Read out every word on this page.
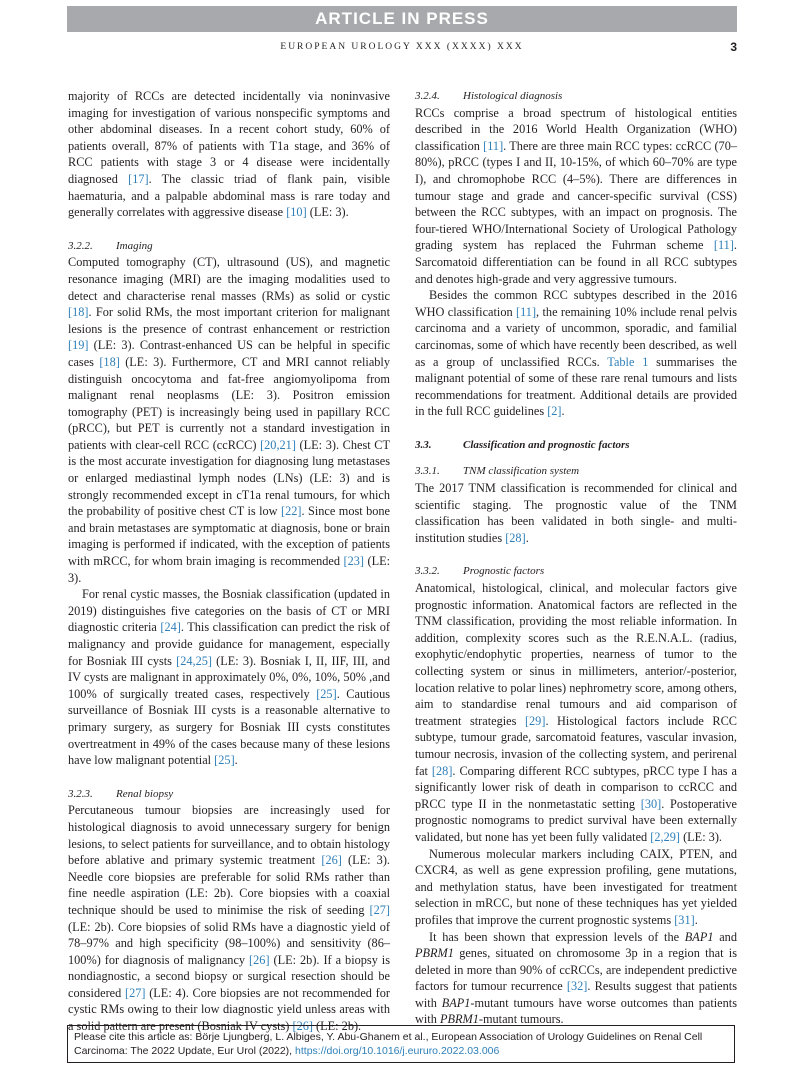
ARTICLE IN PRESS
EUROPEAN UROLOGY XXX (XXXX) XXX	3

majority of RCCs are detected incidentally via noninvasive imaging for investigation of various nonspecific symptoms and other abdominal diseases. In a recent cohort study, 60% of patients overall, 87% of patients with T1a stage, and 36% of RCC patients with stage 3 or 4 disease were incidentally diagnosed [17]. The classic triad of flank pain, visible haematuria, and a palpable abdominal mass is rare today and generally correlates with aggressive disease [10] (LE: 3).

3.2.2. Imaging

Computed tomography (CT), ultrasound (US), and magnetic resonance imaging (MRI) are the imaging modalities used to detect and characterise renal masses (RMs) as solid or cystic [18]. For solid RMs, the most important criterion for malignant lesions is the presence of contrast enhancement or restriction [19] (LE: 3). Contrast-enhanced US can be helpful in specific cases [18] (LE: 3). Furthermore, CT and MRI cannot reliably distinguish oncocytoma and fat-free angiomyolipoma from malignant renal neoplasms (LE: 3). Positron emission tomography (PET) is increasingly being used in papillary RCC (pRCC), but PET is currently not a standard investigation in patients with clear-cell RCC (ccRCC) [20,21] (LE: 3). Chest CT is the most accurate investigation for diagnosing lung metastases or enlarged mediastinal lymph nodes (LNs) (LE: 3) and is strongly recommended except in cT1a renal tumours, for which the probability of positive chest CT is low [22]. Since most bone and brain metastases are symptomatic at diagnosis, bone or brain imaging is performed if indicated, with the exception of patients with mRCC, for whom brain imaging is recommended [23] (LE: 3).

For renal cystic masses, the Bosniak classification (updated in 2019) distinguishes five categories on the basis of CT or MRI diagnostic criteria [24]. This classification can predict the risk of malignancy and provide guidance for management, especially for Bosniak III cysts [24,25] (LE: 3). Bosniak I, II, IIF, III, and IV cysts are malignant in approximately 0%, 0%, 10%, 50% ,and 100% of surgically treated cases, respectively [25]. Cautious surveillance of Bosniak III cysts is a reasonable alternative to primary surgery, as surgery for Bosniak III cysts constitutes overtreatment in 49% of the cases because many of these lesions have low malignant potential [25].

3.2.3. Renal biopsy

Percutaneous tumour biopsies are increasingly used for histological diagnosis to avoid unnecessary surgery for benign lesions, to select patients for surveillance, and to obtain histology before ablative and primary systemic treatment [26] (LE: 3). Needle core biopsies are preferable for solid RMs rather than fine needle aspiration (LE: 2b). Core biopsies with a coaxial technique should be used to minimise the risk of seeding [27] (LE: 2b). Core biopsies of solid RMs have a diagnostic yield of 78–97% and high specificity (98–100%) and sensitivity (86–100%) for diagnosis of malignancy [26] (LE: 2b). If a biopsy is nondiagnostic, a second biopsy or surgical resection should be considered [27] (LE: 4). Core biopsies are not recommended for cystic RMs owing to their low diagnostic yield unless areas with a solid pattern are present (Bosniak IV cysts) [26] (LE: 2b).

3.2.4. Histological diagnosis

RCCs comprise a broad spectrum of histological entities described in the 2016 World Health Organization (WHO) classification [11]. There are three main RCC types: ccRCC (70–80%), pRCC (types I and II, 10-15%, of which 60–70% are type I), and chromophobe RCC (4–5%). There are differences in tumour stage and grade and cancer-specific survival (CSS) between the RCC subtypes, with an impact on prognosis. The four-tiered WHO/International Society of Urological Pathology grading system has replaced the Fuhrman scheme [11]. Sarcomatoid differentiation can be found in all RCC subtypes and denotes high-grade and very aggressive tumours.

Besides the common RCC subtypes described in the 2016 WHO classification [11], the remaining 10% include renal pelvis carcinoma and a variety of uncommon, sporadic, and familial carcinomas, some of which have recently been described, as well as a group of unclassified RCCs. Table 1 summarises the malignant potential of some of these rare renal tumours and lists recommendations for treatment. Additional details are provided in the full RCC guidelines [2].

3.3.	Classification and prognostic factors

3.3.1. TNM classification system

The 2017 TNM classification is recommended for clinical and scientific staging. The prognostic value of the TNM classification has been validated in both single- and multi-institution studies [28].

3.3.2. Prognostic factors

Anatomical, histological, clinical, and molecular factors give prognostic information. Anatomical factors are reflected in the TNM classification, providing the most reliable information. In addition, complexity scores such as the R.E.N.A.L. (radius, exophytic/endophytic properties, nearness of tumor to the collecting system or sinus in millimeters, anterior/-posterior, location relative to polar lines) nephrometry score, among others, aim to standardise renal tumours and aid comparison of treatment strategies [29]. Histological factors include RCC subtype, tumour grade, sarcomatoid features, vascular invasion, tumour necrosis, invasion of the collecting system, and perirenal fat [28]. Comparing different RCC subtypes, pRCC type I has a significantly lower risk of death in comparison to ccRCC and pRCC type II in the nonmetastatic setting [30]. Postoperative prognostic nomograms to predict survival have been externally validated, but none has yet been fully validated [2,29] (LE: 3).

Numerous molecular markers including CAIX, PTEN, and CXCR4, as well as gene expression profiling, gene mutations, and methylation status, have been investigated for treatment selection in mRCC, but none of these techniques has yet yielded profiles that improve the current prognostic systems [31].

It has been shown that expression levels of the BAP1 and PBRM1 genes, situated on chromosome 3p in a region that is deleted in more than 90% of ccRCCs, are independent predictive factors for tumour recurrence [32]. Results suggest that patients with BAP1-mutant tumours have worse outcomes than patients with PBRM1-mutant tumours.

Please cite this article as: Börje Ljungberg, L. Albiges, Y. Abu-Ghanem et al., European Association of Urology Guidelines on Renal Cell Carcinoma: The 2022 Update, Eur Urol (2022), https://doi.org/10.1016/j.eururo.2022.03.006
